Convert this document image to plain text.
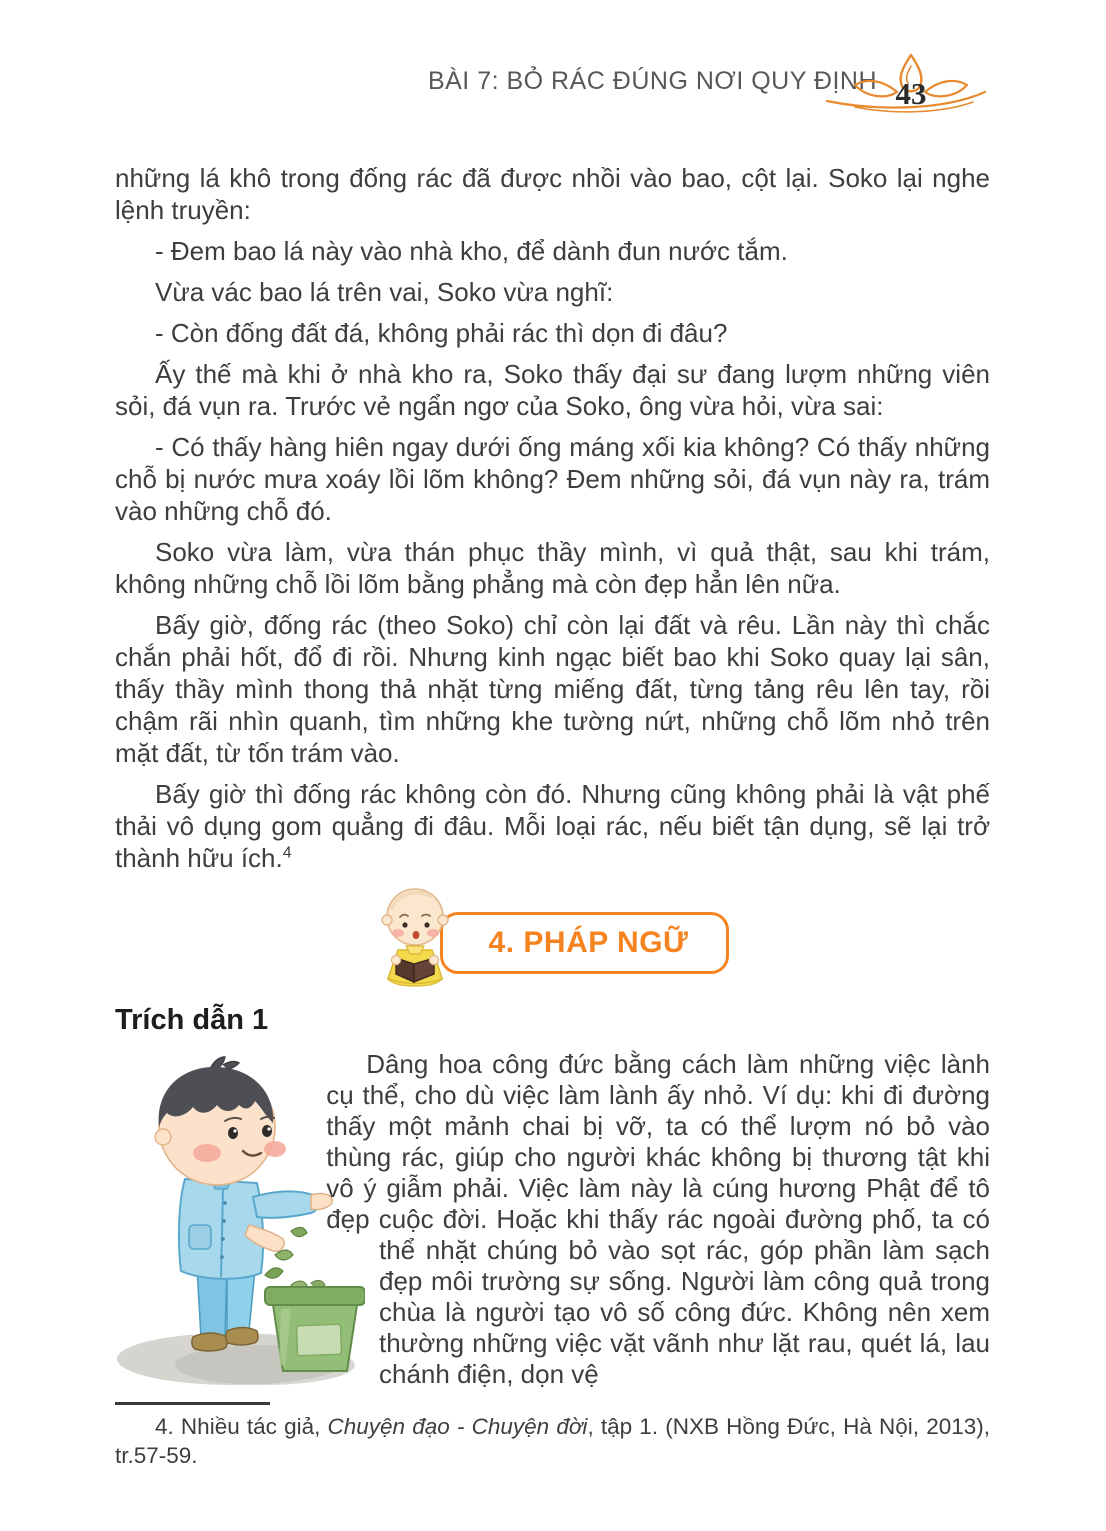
BÀI 7: BỎ RÁC ĐÚNG NƠI QUY ĐỊNH 43

những lá khô trong đống rác đã được nhồi vào bao, cột lại. Soko lại nghe lệnh truyền:

- Đem bao lá này vào nhà kho, để dành đun nước tắm.

Vừa vác bao lá trên vai, Soko vừa nghĩ:

- Còn đống đất đá, không phải rác thì dọn đi đâu?

Ấy thế mà khi ở nhà kho ra, Soko thấy đại sư đang lượm những viên sỏi, đá vụn ra. Trước vẻ ngẩn ngơ của Soko, ông vừa hỏi, vừa sai:

- Có thấy hàng hiên ngay dưới ống máng xối kia không? Có thấy những chỗ bị nước mưa xoáy lồi lõm không? Đem những sỏi, đá vụn này ra, trám vào những chỗ đó.

Soko vừa làm, vừa thán phục thầy mình, vì quả thật, sau khi trám, không những chỗ lồi lõm bằng phẳng mà còn đẹp hẳn lên nữa.

Bấy giờ, đống rác (theo Soko) chỉ còn lại đất và rêu. Lần này thì chắc chắn phải hốt, đổ đi rồi. Nhưng kinh ngạc biết bao khi Soko quay lại sân, thấy thầy mình thong thả nhặt từng miếng đất, từng tảng rêu lên tay, rồi chậm rãi nhìn quanh, tìm những khe tường nứt, những chỗ lõm nhỏ trên mặt đất, từ tốn trám vào.

Bấy giờ thì đống rác không còn đó. Nhưng cũng không phải là vật phế thải vô dụng gom quẳng đi đâu. Mỗi loại rác, nếu biết tận dụng, sẽ lại trở thành hữu ích.$^4$

4. PHÁP NGỮ
Trích dẫn 1

Dâng hoa công đức bằng cách làm những việc lành cụ thể, cho dù việc làm lành ấy nhỏ. Ví dụ: khi đi đường thấy một mảnh chai bị vỡ, ta có thể lượm nó bỏ vào thùng rác, giúp cho người khác không bị thương tật khi vô ý giẫm phải. Việc làm này là cúng hương Phật để tô đẹp cuộc đời. Hoặc khi thấy rác ngoài đường phố, ta có thể nhặt chúng bỏ vào sọt rác, góp phần làm sạch đẹp môi trường sự sống. Người làm công quả trong chùa là người tạo vô số công đức. Không nên xem thường những việc vặt vãnh như lặt rau, quét lá, lau chánh điện, dọn vệ

4. Nhiều tác giả, Chuyện đạo - Chuyện đời, tập 1. (NXB Hồng Đức, Hà Nội, 2013), tr.57-59.
